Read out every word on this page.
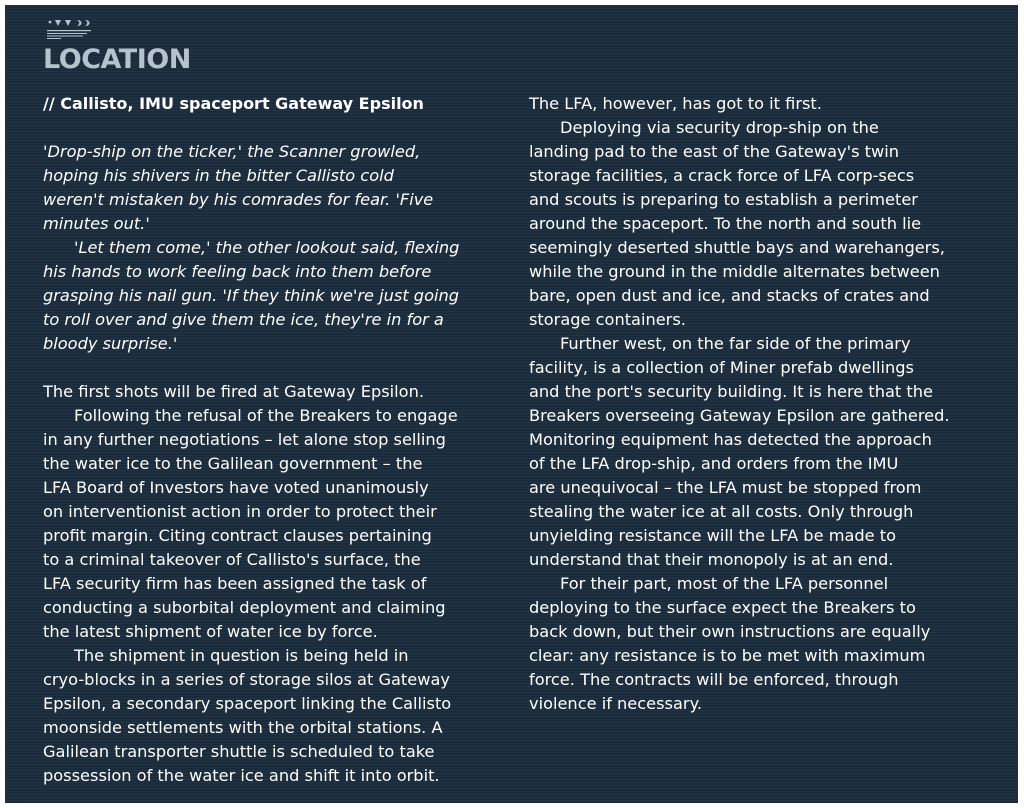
LOCATION

// Callisto, IMU spaceport Gateway Epsilon

'Drop-ship on the ticker,' the Scanner growled,

hoping his shivers in the bitter Callisto cold

weren't mistaken by his comrades for fear. 'Five

minutes out.'

'Let them come,' the other lookout said, flexing

his hands to work feeling back into them before

grasping his nail gun. 'If they think we're just going

to roll over and give them the ice, they're in for a

bloody surprise.'

The first shots will be fired at Gateway Epsilon.

Following the refusal of the Breakers to engage

in any further negotiations – let alone stop selling

the water ice to the Galilean government – the

LFA Board of Investors have voted unanimously

on interventionist action in order to protect their

profit margin. Citing contract clauses pertaining

to a criminal takeover of Callisto's surface, the

LFA security firm has been assigned the task of

conducting a suborbital deployment and claiming

the latest shipment of water ice by force.

The shipment in question is being held in

cryo-blocks in a series of storage silos at Gateway

Epsilon, a secondary spaceport linking the Callisto

moonside settlements with the orbital stations. A

Galilean transporter shuttle is scheduled to take

possession of the water ice and shift it into orbit.

The LFA, however, has got to it first.

Deploying via security drop-ship on the

landing pad to the east of the Gateway's twin

storage facilities, a crack force of LFA corp-secs

and scouts is preparing to establish a perimeter

around the spaceport. To the north and south lie

seemingly deserted shuttle bays and warehangers,

while the ground in the middle alternates between

bare, open dust and ice, and stacks of crates and

storage containers.

Further west, on the far side of the primary

facility, is a collection of Miner prefab dwellings

and the port's security building. It is here that the

Breakers overseeing Gateway Epsilon are gathered.

Monitoring equipment has detected the approach

of the LFA drop-ship, and orders from the IMU

are unequivocal – the LFA must be stopped from

stealing the water ice at all costs. Only through

unyielding resistance will the LFA be made to

understand that their monopoly is at an end.

For their part, most of the LFA personnel

deploying to the surface expect the Breakers to

back down, but their own instructions are equally

clear: any resistance is to be met with maximum

force. The contracts will be enforced, through

violence if necessary.
